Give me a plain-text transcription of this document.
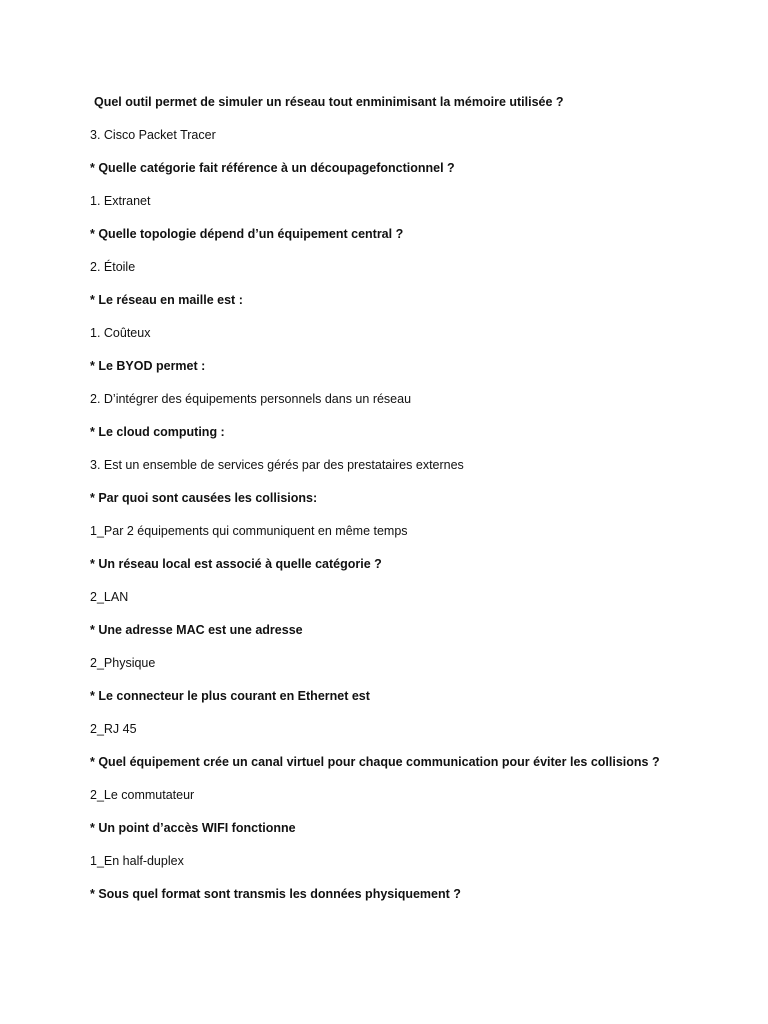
Quel outil permet de simuler un réseau tout enminimisant la mémoire utilisée ?
3. Cisco Packet Tracer
* Quelle catégorie fait référence à un découpagefonctionnel ?
1. Extranet
* Quelle topologie dépend d’un équipement central ?
2. Étoile
* Le réseau en maille est :
1. Coûteux
* Le BYOD permet :
2. D’intégrer des équipements personnels dans un réseau
* Le cloud computing :
3. Est un ensemble de services gérés par des prestataires externes
* Par quoi sont causées les collisions:
1_Par 2 équipements qui communiquent en même temps
* Un réseau local est associé à quelle catégorie ?
2_LAN
* Une adresse MAC est une adresse
2_Physique
* Le connecteur le plus courant en Ethernet est
2_RJ 45
* Quel équipement crée un canal virtuel pour chaque communication pour éviter les collisions ?
2_Le commutateur
* Un point d’accès WIFI fonctionne
1_En half-duplex
* Sous quel format sont transmis les données physiquement ?
